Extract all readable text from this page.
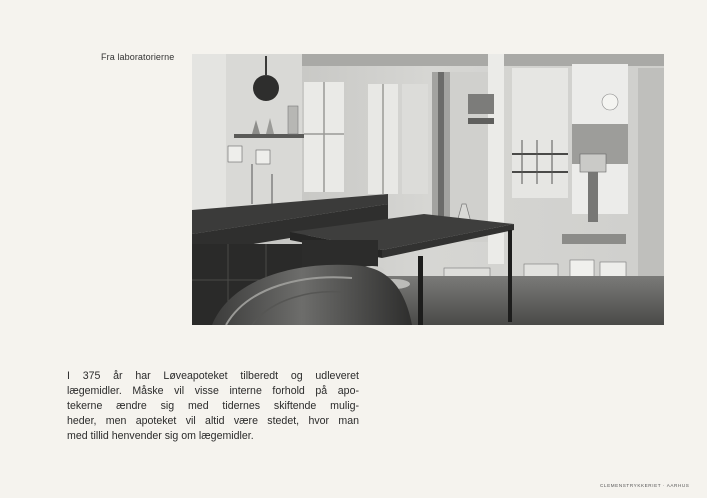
Fra laboratorierne
I 375 år har Løveapoteket tilberedt og udleveret
lægemidler. Måske vil visse interne forhold på apo-
tekerne ændre sig med tidernes skiftende mulig-
heder, men apoteket vil altid være stedet, hvor man
med tillid henvender sig om lægemidler.
CLEMENSTRYKKERIET · AARHUS
